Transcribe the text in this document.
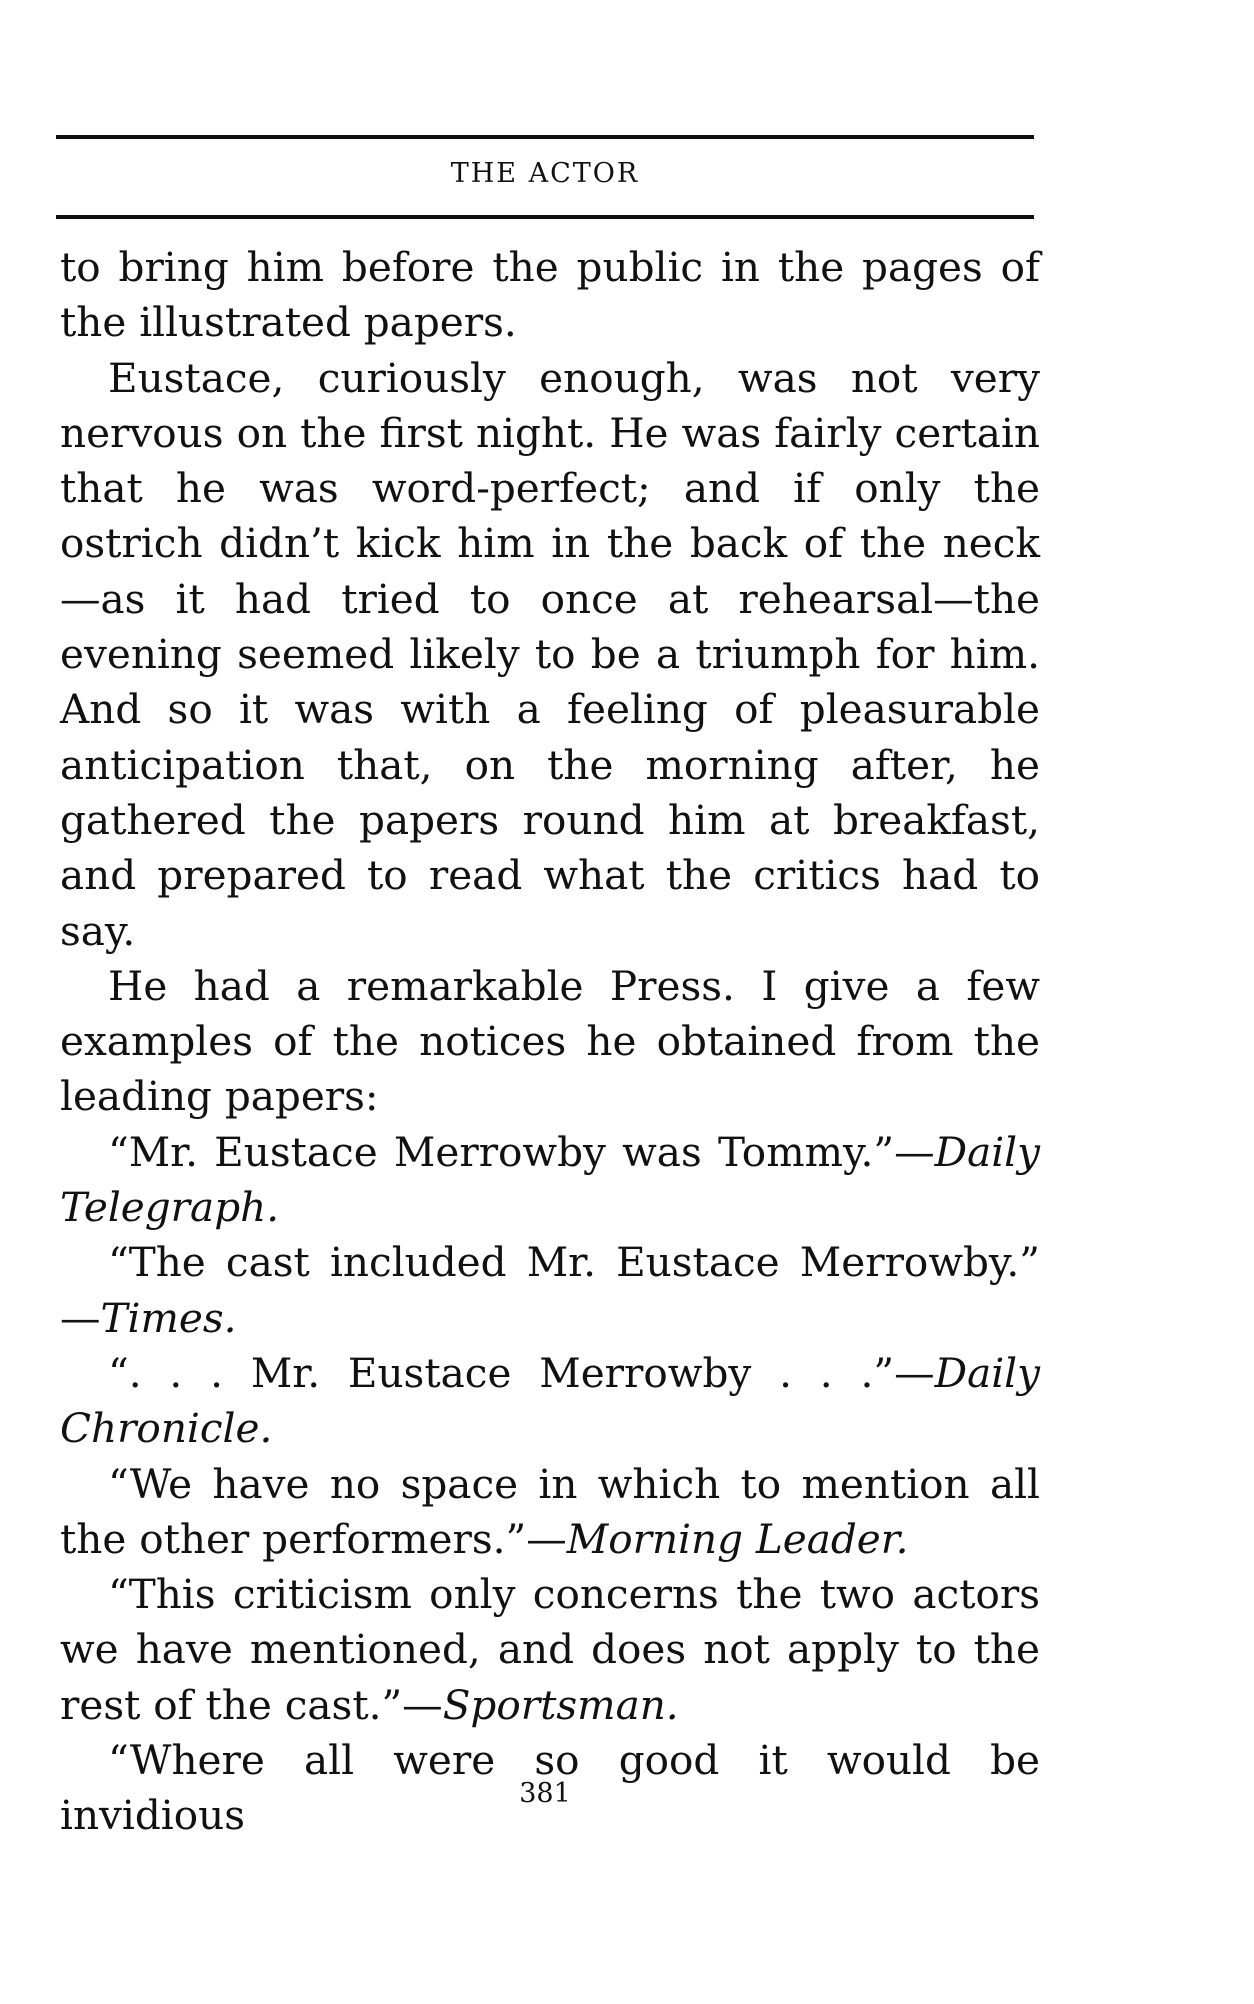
THE ACTOR

to bring him before the public in the pages of the illustrated papers.

Eustace, curiously enough, was not very nervous on the first night. He was fairly certain that he was word-perfect; and if only the ostrich didn’t kick him in the back of the neck—as it had tried to once at rehearsal—the evening seemed likely to be a triumph for him. And so it was with a feeling of pleasurable anticipation that, on the morning after, he gathered the papers round him at breakfast, and prepared to read what the critics had to say.

He had a remarkable Press. I give a few examples of the notices he obtained from the leading papers:

“Mr. Eustace Merrowby was Tommy.”—Daily Telegraph.

“The cast included Mr. Eustace Merrowby.” —Times.

“. . . Mr. Eustace Merrowby . . .”—Daily Chronicle.

“We have no space in which to mention all the other performers.”—Morning Leader.

“This criticism only concerns the two actors we have mentioned, and does not apply to the rest of the cast.”—Sportsman.

“Where all were so good it would be invidious	381
